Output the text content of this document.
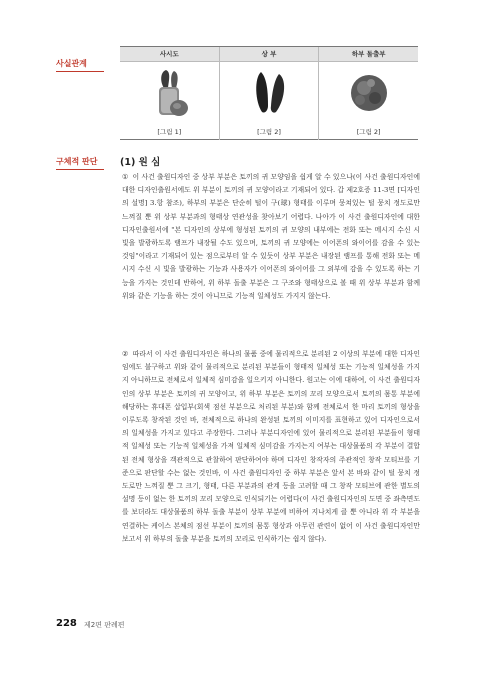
사실관계
사시도	상 부	하부 돌출부
[그림 1]	[그림 2]	[그림 2]
구체적 판단	(1) 원 심

① 이 사건 출원디자인 중 상부 부분은 토끼의 귀 모양임을 쉽게 알 수 있으나(이 사건 출원디자인에 대한 디자인출원서에도 위 부분이 토끼의 귀 모양이라고 기재되어 있다. 갑 제2호증 11-3면 [디자인의 설명] 3.항 참조), 하부의 부분은 단순히 털이 구(球) 형태를 이루며 뭉쳐있는 털 뭉치 정도로만 느껴질 뿐 위 상부 부분과의 형태상 연관성을 찾아보기 어렵다. 나아가 이 사건 출원디자인에 대한 디자인출원서에 "본 디자인의 상부에 형성된 토끼의 귀 모양의 내부에는 전화 또는 메시지 수신 시 빛을 발광하도록 램프가 내장될 수도 있으며, 토끼의 귀 모양에는 이어폰의 와이어를 감을 수 있는 것임"이라고 기재되어 있는 점으로부터 알 수 있듯이 상부 부분은 내장된 램프를 통해 전화 또는 메시지 수신 시 빛을 발광하는 기능과 사용자가 이어폰의 와이어를 그 외부에 감을 수 있도록 하는 기능을 가지는 것인데 반하여, 위 하부 돌출 부분은 그 구조와 형태상으로 볼 때 위 상부 부분과 함께 위와 같은 기능을 하는 것이 아니므로 기능적 일체성도 가지지 않는다.

② 따라서 이 사건 출원디자인은 하나의 물품 중에 물리적으로 분리된 2 이상의 부분에 대한 디자인임에도 불구하고 위와 같이 물리적으로 분리된 부분들이 형태적 일체성 또는 기능적 일체성을 가지지 아니하므로 전체로서 일체적 심미감을 일으키지 아니한다. 원고는 이에 대하여, 이 사건 출원디자인의 상부 부분은 토끼의 귀 모양이고, 위 하부 부분은 토끼의 꼬리 모양으로서 토끼의 몸통 부분에 해당하는 휴대폰 삽입부(회색 점선 부분으로 처리된 부분)와 함께 전체로서 한 마리 토끼의 형상을 이루도록 창작된 것인 바, 전체적으로 하나의 완성된 토끼의 이미지를 표현하고 있어 디자인으로서의 일체성을 가지고 있다고 주장한다. 그러나 부분디자인에 있어 물리적으로 분리된 부분들이 형태적 일체성 또는 기능적 일체성을 가져 일체적 심미감을 가지는지 여부는 대상물품의 각 부분이 결합된 전체 형상을 객관적으로 관찰하여 판단하여야 하며 디자인 창작자의 주관적인 창작 모티브를 기준으로 판단할 수는 없는 것인바, 이 사건 출원디자인 중 하부 부분은 앞서 본 바와 같이 털 뭉치 정도로만 느껴질 뿐 그 크기, 형태, 다른 부분과의 관계 등을 고려할 때 그 창작 모티브에 관한 별도의 설명 등이 없는 한 토끼의 꼬리 모양으로 인식되기는 어렵다(이 사건 출원디자인의 도면 중 좌측면도를 보더라도 대상물품의 하부 돌출 부분이 상부 부분에 비하여 지나치게 클 뿐 아니라 위 각 부분을 연결하는 케이스 본체의 점선 부분이 토끼의 몸통 형상과 아무런 관련이 없어 이 사건 출원디자인만 보고서 위 하부의 돌출 부분을 토끼의 꼬리로 인식하기는 쉽지 않다).

228 제2편 판례편
